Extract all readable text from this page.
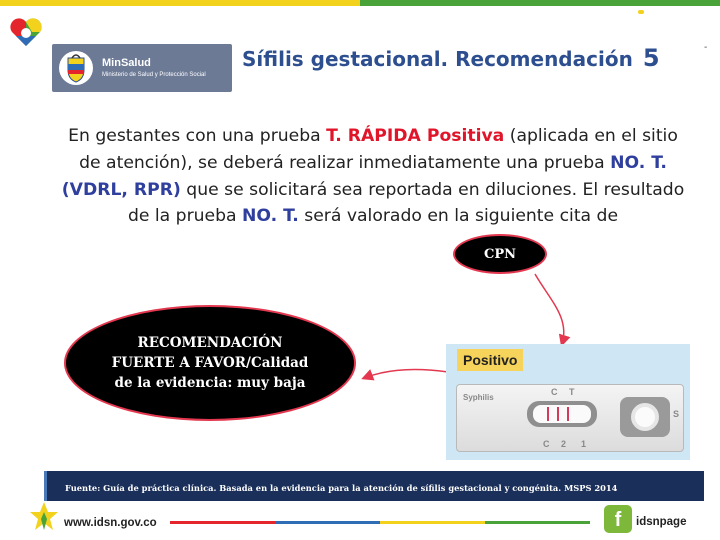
-
MinSalud
Ministerio de Salud y Protección Social
Sífilis gestacional. Recomendación 5
En gestantes con una prueba T. RÁPIDA Positiva (aplicada en el sitio de atención), se deberá realizar inmediatamente una prueba NO. T. (VDRL, RPR) que se solicitará sea reportada en diluciones. El resultado de la prueba NO. T. será valorado en la siguiente cita de
CPN
RECOMENDACIÓN
FUERTE A FAVOR/Calidad
de la evidencia: muy baja
Positivo
Syphilis
C T
C 2 1
S
Fuente: Guía de práctica clínica. Basada en la evidencia para la atención de sífilis gestacional y congénita. MSPS 2014
www.idsn.gov.co	f	idsnpage
